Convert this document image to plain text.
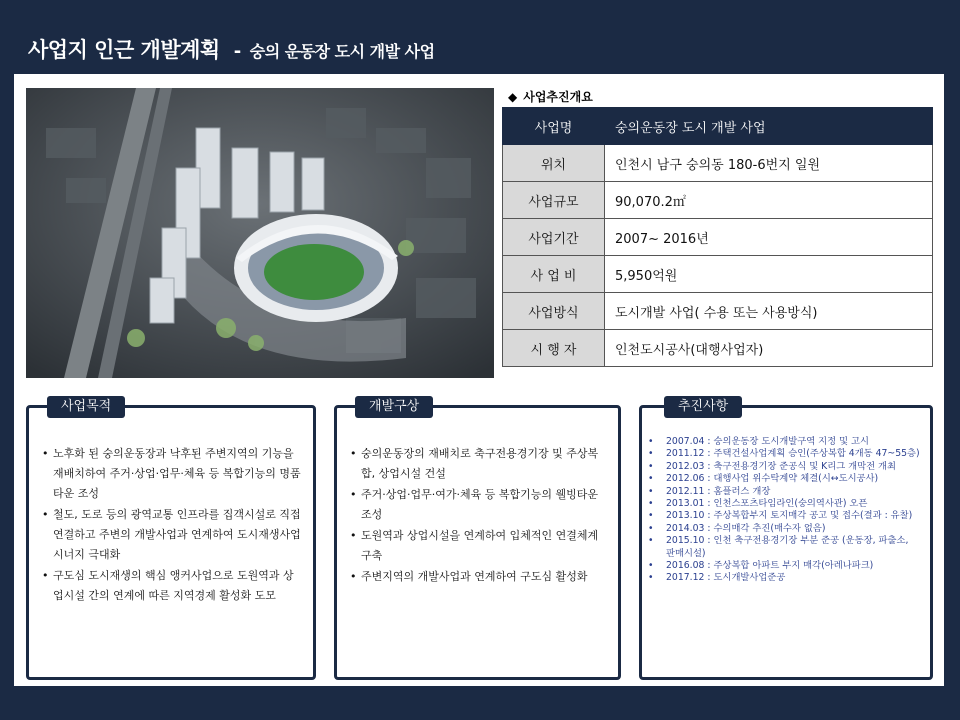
사업지 인근 개발계획 - 숭의 운동장 도시 개발 사업
◆ 사업추진개요
사업명	숭의운동장 도시 개발 사업
위치	인천시 남구 숭의동 180-6번지 일원
사업규모	90,070.2㎡
사업기간	2007~ 2016년
사 업 비	5,950억원
사업방식	도시개발 사업( 수용 또는 사용방식)
시 행 자	인천도시공사(대행사업자)
사업목적
• 노후화 된 숭의운동장과 낙후된 주변지역의 기능을 재배치하여 주거·상업·업무·체육 등 복합기능의 명품타운 조성
• 철도, 도로 등의 광역교통 인프라를 집객시설로 직접 연결하고 주변의 개발사업과 연계하여 도시재생사업 시너지 극대화
• 구도심 도시재생의 핵심 앵커사업으로 도원역과 상업시설 간의 연계에 따른 지역경제 활성화 도모
개발구상
• 숭의운동장의 재배치로 축구전용경기장 및 주상복합, 상업시설 건설
• 주거·상업·업무·여가·체육 등 복합기능의 웰빙타운 조성
• 도원역과 상업시설을 연계하여 입체적인 연결체계 구축
• 주변지역의 개발사업과 연계하여 구도심 활성화
추진사항
• 2007.04 : 숭의운동장 도시개발구역 지정 및 고시
• 2011.12 : 주택건설사업계획 승인(주상복합 4개동 47~55층)
• 2012.03 : 축구전용경기장 준공식 및 K리그 개막전 개최
• 2012.06 : 대행사업 위수탁계약 체결(시↔도시공사)
• 2012.11 : 홈플러스 개장
• 2013.01 : 인천스포츠타임라인(숭의역사관) 오픈
• 2013.10 : 주상복합부지 토지매각 공고 및 접수(결과 : 유찰)
• 2014.03 : 수의매각 추진(매수자 없음)
• 2015.10 : 인천 축구전용경기장 부분 준공 (운동장, 파출소, 판매시설)
• 2016.08 : 주상복합 아파트 부지 매각(아레나파크)
• 2017.12 : 도시개발사업준공
